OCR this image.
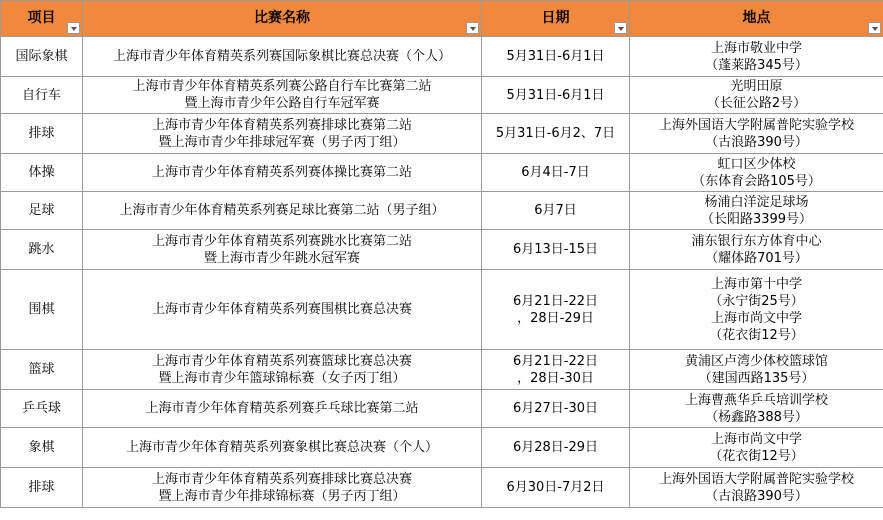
项目	比赛名称	日期	地点

国际象棋	上海市青少年体育精英系列赛国际象棋比赛总决赛（个人）	5月31日-6月1日	上海市敬业中学
（蓬莱路345号）

自行车	上海市青少年体育精英系列赛公路自行车比赛第二站
暨上海市青少年公路自行车冠军赛	5月31日-6月1日	光明田原
（长征公路2号）

排球	上海市青少年体育精英系列赛排球比赛第二站
暨上海市青少年排球冠军赛（男子丙丁组）	5月31日-6月2、7日	上海外国语大学附属普陀实验学校
（古浪路390号）

体操	上海市青少年体育精英系列赛体操比赛第二站	6月4日-7日	虹口区少体校
（东体育会路105号）

足球	上海市青少年体育精英系列赛足球比赛第二站（男子组）	6月7日	杨浦白洋淀足球场
（长阳路3399号）

跳水	上海市青少年体育精英系列赛跳水比赛第二站
暨上海市青少年跳水冠军赛	6月13日-15日	浦东银行东方体育中心
（耀体路701号）

围棋	上海市青少年体育精英系列赛围棋比赛总决赛	6月21日-22日
，28日-29日	上海市第十中学
（永宁街25号）
上海市尚文中学
（花衣街12号）

篮球	上海市青少年体育精英系列赛篮球比赛总决赛
暨上海市青少年篮球锦标赛（女子丙丁组）	6月21日-22日
，28日-30日	黄浦区卢湾少体校篮球馆
（建国西路135号）

乒乓球	上海市青少年体育精英系列赛乒乓球比赛第二站	6月27日-30日	上海曹燕华乒乓培训学校
（杨鑫路388号）

象棋	上海市青少年体育精英系列赛象棋比赛总决赛（个人）	6月28日-29日	上海市尚文中学
（花衣街12号）

排球	上海市青少年体育精英系列赛排球比赛总决赛
暨上海市青少年排球锦标赛（男子丙丁组）	6月30日-7月2日	上海外国语大学附属普陀实验学校
（古浪路390号）
